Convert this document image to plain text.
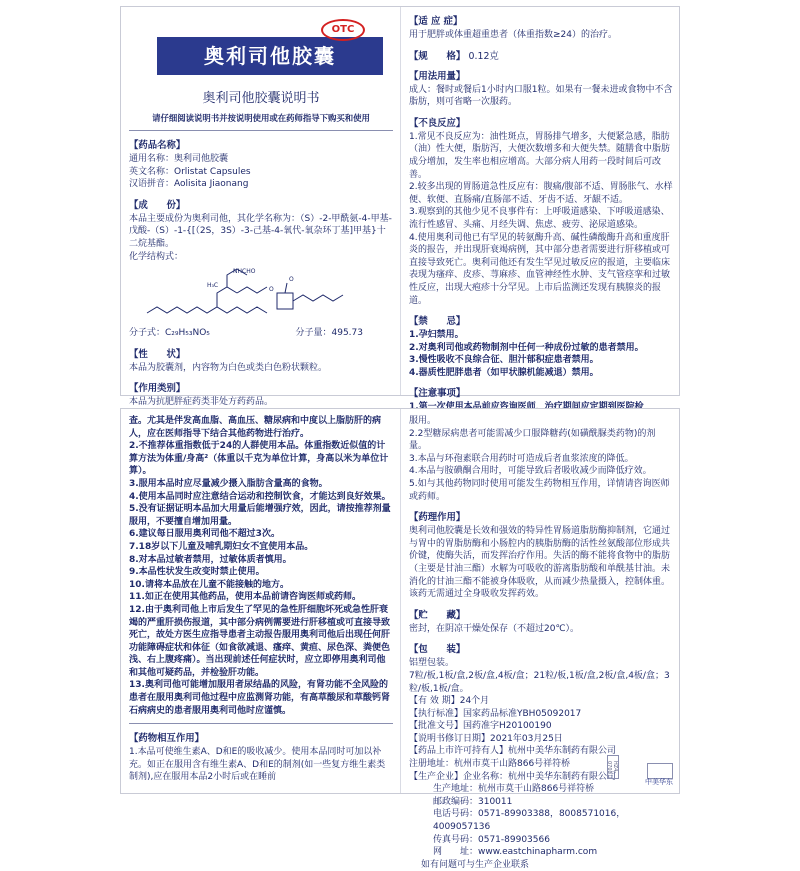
OTC
奥利司他胶囊
奥利司他胶囊说明书
请仔细阅读说明书并按说明使用或在药师指导下购买和使用
【药品名称】

通用名称：奥利司他胶囊

英文名称：Orlistat Capsules

汉语拼音：Aolisita Jiaonang

【成　　份】

本品主要成份为奥利司他，其化学名称为：（S）-2-甲酰氨-4-甲基-戊酸-（S）-1-{[（2S，3S）-3-己基-4-氧代-氧杂环丁基]甲基}十二烷基酯。

化学结构式：

NHCHO
H₃C
O
O
分子式：C₂₉H₅₃NO₅	分子量：495.73
【性　　状】

本品为胶囊剂，内容物为白色或类白色粉状颗粒。

【作用类别】

本品为抗肥胖症药类非处方药药品。

【适 应 症】

用于肥胖或体重超重患者（体重指数≥24）的治疗。

【规　　格】 0.12克
【用法用量】

成人：餐时或餐后1小时内口服1粒。如果有一餐未进或食物中不含脂肪，则可省略一次服药。

【不良反应】

1.常见不良反应为：油性斑点，胃肠排气增多，大便紧急感，脂肪（油）性大便，脂肪泻，大便次数增多和大便失禁。随膳食中脂肪成分增加，发生率也相应增高。大部分病人用药一段时间后可改善。
2.较多出现的胃肠道急性反应有：腹痛/腹部不适、胃肠胀气、水样便、软便、直肠痛/直肠部不适、牙齿不适、牙龈不适。
3.观察到的其他少见不良事件有：上呼吸道感染、下呼吸道感染、流行性感冒、头痛、月经失调、焦虑、疲劳、泌尿道感染。
4.使用奥利司他已有罕见的转氨酶升高、碱性磷酸酶升高和重度肝炎的报告，并出现肝衰竭病例，其中部分患者需要进行肝移植或可直接导致死亡。奥利司他还有发生罕见过敏反应的报道，主要临床表现为瘙痒、皮疹、荨麻疹、血管神经性水肿、支气管痉挛和过敏性反应，出现大疱疹十分罕见。上市后监测还发现有胰腺炎的报道。

【禁　　忌】

1.孕妇禁用。

2.对奥利司他或药物制剂中任何一种成份过敏的患者禁用。

3.慢性吸收不良综合征、胆汁郁积症患者禁用。

4.器质性肥胖患者（如甲状腺机能减退）禁用。

【注意事项】

查。尤其是伴发高血脂、高血压、糖尿病和中度以上脂肪肝的病人，应在医师指导下结合其他药物进行治疗。
2.不推荐体重指数低于24的人群使用本品。体重指数近似值的计算方法为体重/身高²（体重以千克为单位计算，身高以米为单位计算）。
3.服用本品时应尽量减少摄入脂肪含量高的食物。
4.使用本品同时应注意结合运动和控制饮食，才能达到良好效果。
5.没有证据证明本品加大用量后能增强疗效，因此，请按推荐剂量服用，不要擅自增加用量。
6.建议每日服用奥利司他不超过3次。
7.18岁以下儿童及哺乳期妇女不宜使用本品。
8.对本品过敏者禁用，过敏体质者慎用。
9.本品性状发生改变时禁止使用。
10.请将本品放在儿童不能接触的地方。
11.如正在使用其他药品，使用本品前请咨询医师或药师。
12.由于奥利司他上市后发生了罕见的急性肝细胞坏死或急性肝衰竭的严重肝损伤报道，其中部分病例需要进行肝移植或可直接导致死亡，故处方医生应指导患者主动报告服用奥利司他后出现任何肝功能障碍症状和体征（如食欲减退、瘙痒、黄疸、尿色深、粪便色浅、右上腹疼痛）。当出现前述任何症状时，应立即停用奥利司他和其他可疑药品，并检验肝功能。
13.奥利司他可能增加服用者尿结晶的风险，有肾功能不全风险的患者在服用奥利司他过程中应监测肾功能，有高草酸尿和草酸钙肾石病病史的患者服用奥利司他时应谨慎。

【药物相互作用】

1.本品可使维生素A、D和E的吸收减少。使用本品同时可加以补充。如正在服用含有维生素A、D和E的制剂(如一些复方维生素类制剂),应在服用本品2小时后或在睡前

服用。
2.2型糖尿病患者可能需减少口服降糖药(如磺酰脲类药物)的剂量。
3.本品与环孢素联合用药时可造成后者血浆浓度的降低。
4.本品与胺碘酮合用时，可能导致后者吸收减少而降低疗效。
5.如与其他药物同时使用可能发生药物相互作用，详情请咨询医师或药师。

【药理作用】

奥利司他胶囊是长效和强效的特异性胃肠道脂肪酶抑制剂，它通过与胃中的胃脂肪酶和小肠腔内的胰脂肪酶的活性丝氨酸部位形成共价键，使酶失活，而发挥治疗作用。失活的酶不能将食物中的脂肪（主要是甘油三酯）水解为可吸收的游离脂肪酸和单酰基甘油。未消化的甘油三酯不能被身体吸收，从而减少热量摄入，控制体重。该药无需通过全身吸收发挥药效。

【贮　　藏】

密封，在阴凉干燥处保存（不超过20℃）。

【包　　装】

铝塑包装。
7粒/板,1板/盒,2板/盒,4板/盒；21粒/板,1板/盒,2板/盒,4板/盒；3粒/板,1板/盒。

【有 效 期】24个月

【执行标准】国家药品标准YBH05092017

【批准文号】国药准字H20100190

【说明书修订日期】2021年03月25日

【药品上市许可持有人】杭州中美华东制药有限公司

注册地址：杭州市莫干山路866号祥符桥

【生产企业】企业名称：杭州中美华东制药有限公司

生产地址：杭州市莫干山路866号祥符桥

邮政编码：310011

电话号码：0571-89903388，8008571016，4009057136

传真号码：0571-89903566

网　　址：www.eastchinapharm.com

如有问题可与生产企业联系

HZ4-0703
中美华东
